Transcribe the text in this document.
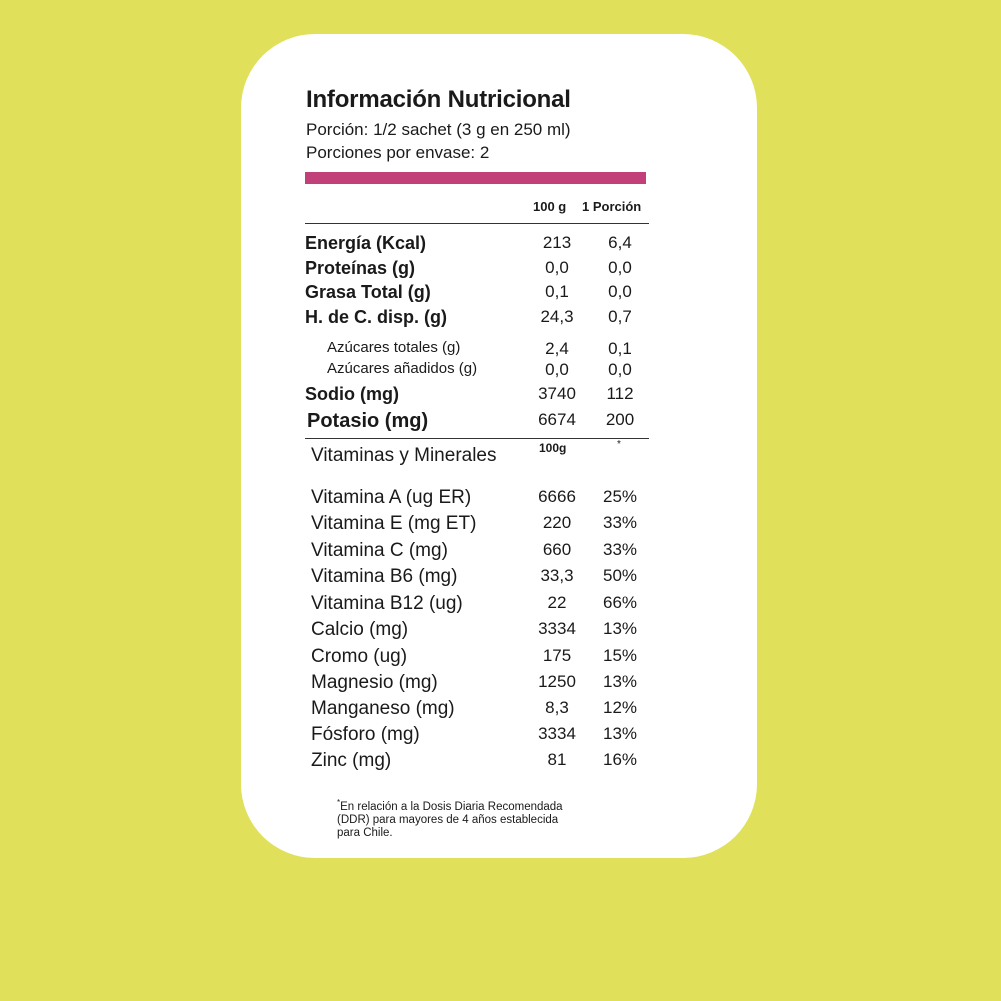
Información Nutricional
Porción: 1/2 sachet (3 g en 250 ml)
Porciones por envase: 2
100 g 1 Porción
Energía (Kcal)	213	6,4
Proteínas (g)	0,0	0,0
Grasa Total (g)	0,1	0,0
H. de C. disp. (g)	24,3	0,7
Azúcares totales (g)	2,4	0,1
Azúcares añadidos (g)	0,0	0,0
Sodio (mg)	3740	112
Potasio (mg)	6674	200
Vitaminas y Minerales	100g	*
Vitamina A (ug ER)	6666	25%
Vitamina E (mg ET)	220	33%
Vitamina C (mg)	660	33%
Vitamina B6 (mg)	33,3	50%
Vitamina B12 (ug)	22	66%
Calcio (mg)	3334	13%
Cromo (ug)	175	15%
Magnesio (mg)	1250	13%
Manganeso (mg)	8,3	12%
Fósforo (mg)	3334	13%
Zinc (mg)	81	16%
*En relación a la Dosis Diaria Recomendada
(DDR) para mayores de 4 años establecida
para Chile.
